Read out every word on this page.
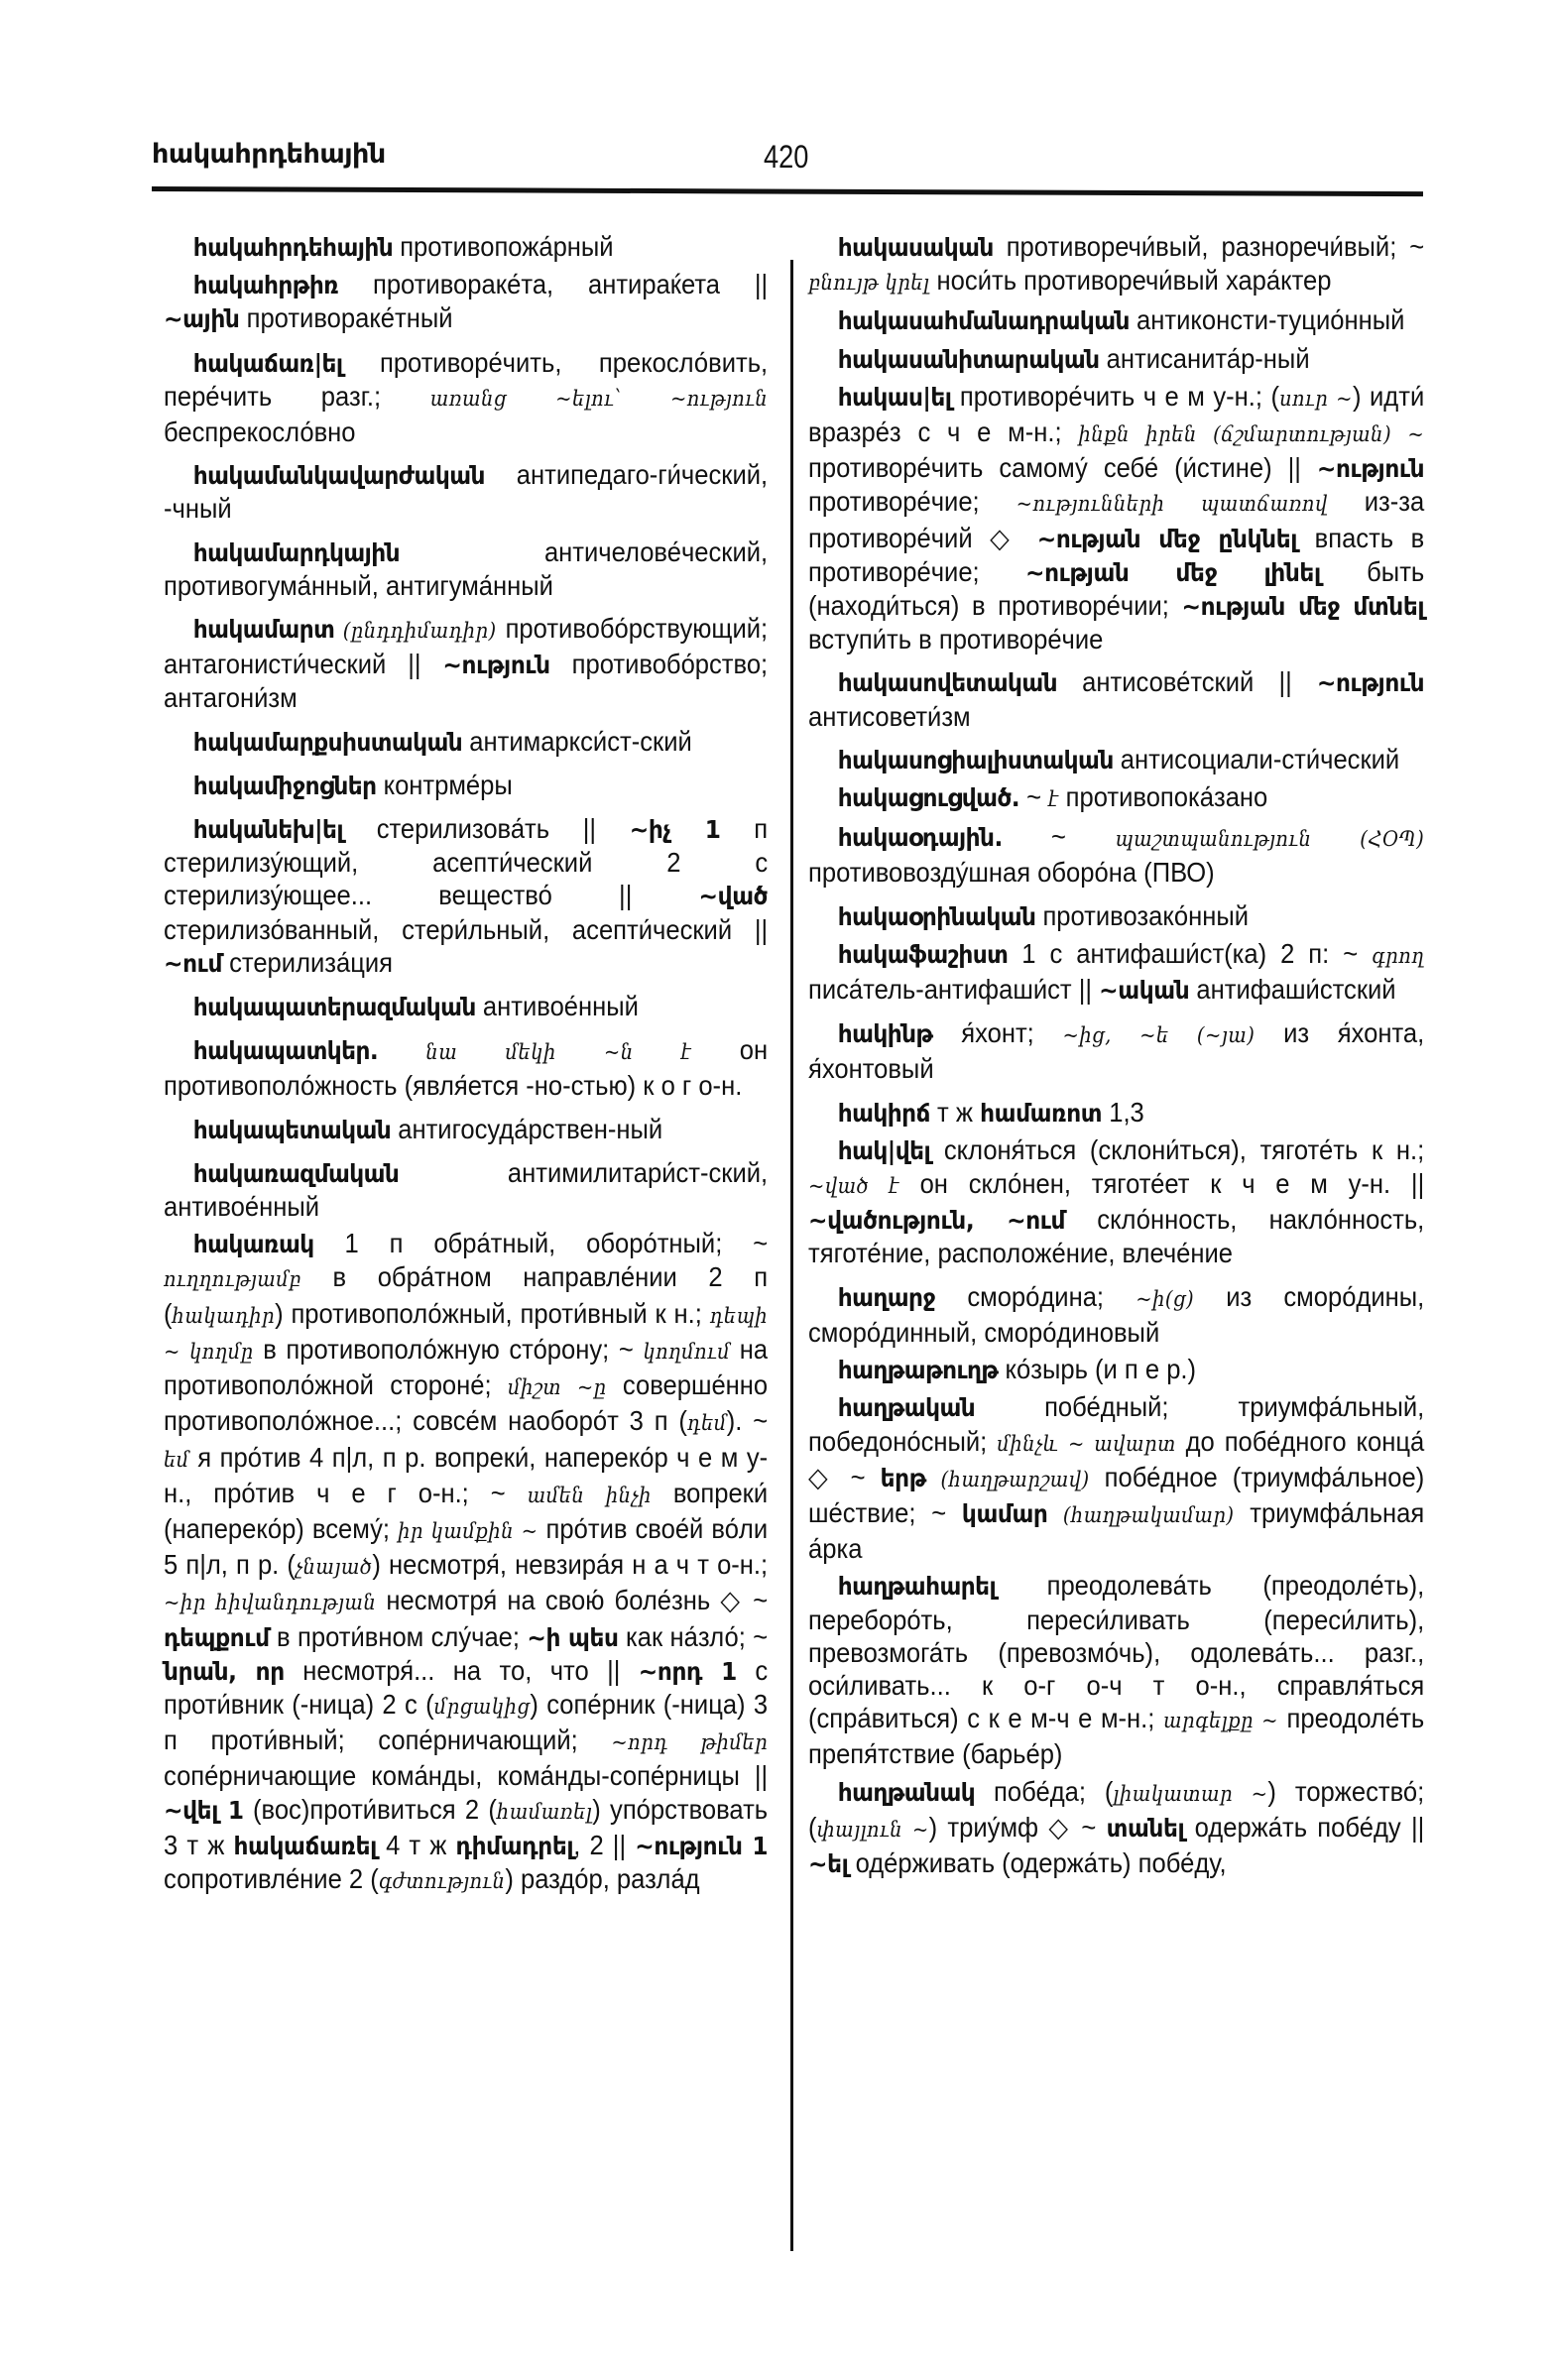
հակահրդեհային	420

հակահրդեհային противопожа́рный

հակահրթիռ противораке́та, антираќета || ~ային противораке́тный

հակաճառ|ել противоре́чить, прекосло́вить, пере́чить разг.; առանց ~ելու՝ ~ություն беспрекосло́вно

հակամանկավարժական антипедаго-ги́ческий, -чный

հակամարդկային античелове́ческий, противогума́нный, антигума́нный

հակամարտ (ընդդիմադիր) противобо́рствующий; антагонисти́ческий || ~ություն противобо́рство; антагони́зм

հակամարքսիստական антимаркси́ст-ский

հակամիջոցներ контрме́ры

հականեխ|ել стерилизова́ть || ~իչ 1 п стерилизу́ющий, асепти́ческий 2 с стерилизу́ющее... вещество́ || ~ված стерилизо́ванный, стери́льный, асепти́ческий || ~ում стерилиза́ция

հակապատերազմական антивое́нный

հակապատկեր. նա մեկի ~ն է он противополо́жность (явля́ется -но-стью) к о г о-н.

հակապետական антигосуда́рствен-ный

հակառազմական антимилитари́ст-ский, антивое́нный

հակառակ 1 п обра́тный, оборо́тный; ~ ուղղությամբ в обра́тном направле́нии 2 п (հակադիր) противополо́жный, проти́вный к н.; դեպի ~ կողմը в противополо́жную сто́рону; ~ կողմում на противополо́жной стороне́; միշտ ~ը соверше́нно противополо́жное...; совсе́м наоборо́т 3 п (դեմ). ~ եմ я про́тив 4 п|л, п р. вопреки́, напереко́р ч е м у-н., про́тив ч е г о-н.; ~ ամեն ինչի вопреки́ (напереко́р) всему́; իր կամքին ~ про́тив свое́й во́ли 5 п|л, п р. (չնայած) несмотря́, невзира́я н а ч т о-н.; ~իր հիվանդության несмотря́ на свою́ боле́знь ◇ ~ դեպքում в проти́вном слу́чае; ~ի պես как на́зло́; ~ նրան, որ несмотря́... на то, что || ~որդ 1 с проти́вник (-ница) 2 с (մրցակից) сопе́рник (-ница) 3 п проти́вный; сопе́рничающий; ~որդ թիմեր сопе́рничающие кома́нды, кома́нды-сопе́рницы || ~վել 1 (вос)проти́виться 2 (համառել) упо́рствовать 3 т ж հակաճառել 4 т ж դիմադրել, 2 || ~ություն 1 сопротивле́ние 2 (գժտություն) раздо́р, разла́д

հակասական противоречи́вый, разноречи́вый; ~ բնույթ կրել носи́ть противоречи́вый хара́ктер

հակասահմանադրական антиконсти-туцио́нный

հակասանիտարական антисанита́р-ный

հակաս|ել противоре́чить ч е м у-н.; (սուր ~) идти́ вразре́з с ч е м-н.; ինքն իրեն (ճշմարտության) ~ противоре́чить самому́ себе́ (и́стине) || ~ություն противоре́чие; ~ությունների պատճառով из-за противоре́чий ◇ ~ության մեջ ընկնել впасть в противоре́чие; ~ության մեջ լինել быть (находи́ться) в противоре́чии; ~ության մեջ մտնել вступи́ть в противоре́чие

հակասովետական антисове́тский || ~ություն антисовети́зм

հակասոցիալիստական антисоциали-сти́ческий

հակացուցված. ~ է противопока́зано

հակաօդային. ~ պաշտպանություն (ՀՕՊ) противовозду́шная оборо́на (ПВО)

հակաօրինական противозако́нный

հակաֆաշիստ 1 с антифаши́ст(ка) 2 п: ~ գրող писа́тель-антифаши́ст || ~ական антифаши́стский

հակինթ я́хонт; ~ից, ~ե (~յա) из я́хонта, я́хонтовый

հակիրճ т ж համառոտ 1,3

հակ|վել склоня́ться (склони́ться), тяготе́ть к н.; ~ված է он скло́нен, тяготе́ет к ч е м у-н. || ~վածություն, ~ում скло́нность, накло́нность, тяготе́ние, расположе́ние, влече́ние

հաղարջ сморо́дина; ~ի(ց) из сморо́дины, сморо́динный, сморо́диновый

հաղթաթուղթ ко́зырь (и п е р.)

հաղթական побе́дный; триумфа́льный, победоно́сный; մինչև ~ ավարտ до побе́дного конца́ ◇ ~ երթ (հաղթարշավ) побе́дное (триумфа́льное) ше́ствие; ~ կամար (հաղթակամար) триумфа́льная а́рка

հաղթահարել преодолева́ть (преодоле́ть), переборо́ть, переси́ливать (переси́лить), превозмога́ть (превозмо́чь), одолева́ть... разг., оси́ливать... к о-г о-ч т о-н., справля́ться (спра́виться) с к е м-ч е м-н.; արգելքը ~ преодоле́ть препя́тствие (барье́р)

հաղթանակ побе́да; (լիակատար ~) торжество́; (փայլուն ~) триу́мф ◇ ~ տանել одержа́ть побе́ду || ~ել оде́рживать (одержа́ть) побе́ду,
